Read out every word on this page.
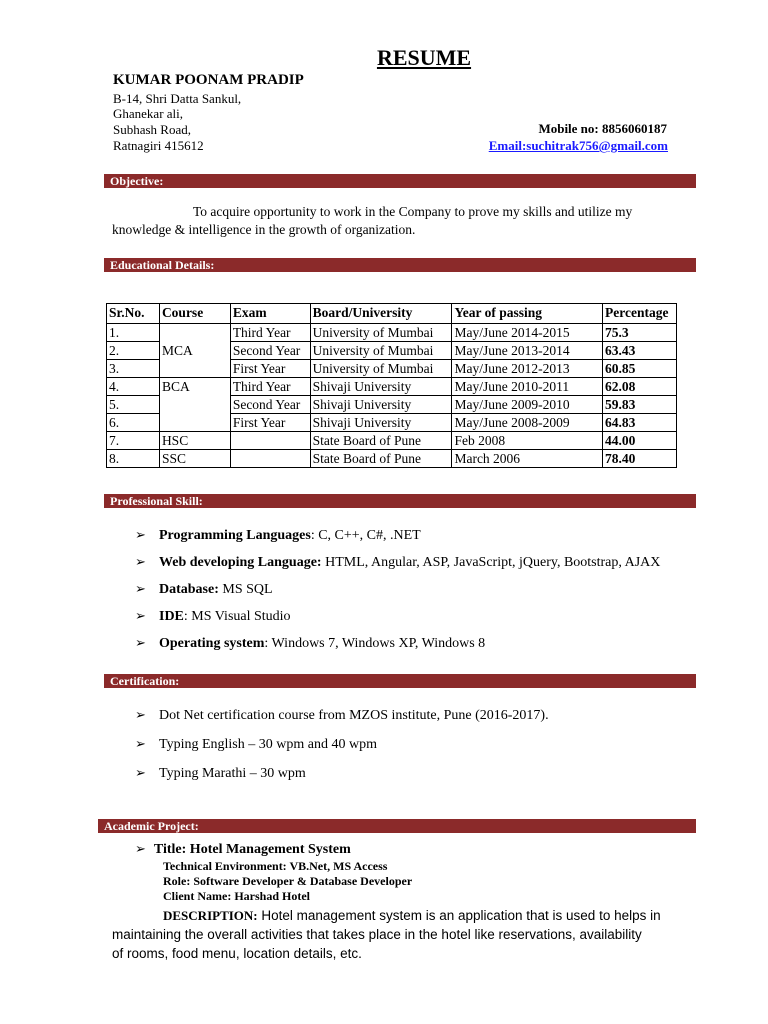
RESUME
KUMAR POONAM PRADIP
B-14, Shri Datta Sankul,
Ghanekar ali,
Subhash Road,
Ratnagiri 415612
Mobile no: 8856060187
Email:suchitrak756@gmail.com
Objective:
To acquire opportunity to work in the Company to prove my skills and utilize my
knowledge & intelligence in the growth of organization.
Educational Details:
Sr.No.	Course	Exam	Board/University	Year of passing	Percentage
1.	MCA	Third Year	University of Mumbai	May/June 2014-2015	75.3
2.		Second Year	University of Mumbai	May/June 2013-2014	63.43
3.		First Year	University of Mumbai	May/June 2012-2013	60.85
4.	BCA	Third Year	Shivaji University	May/June 2010-2011	62.08
5.		Second Year	Shivaji University	May/June 2009-2010	59.83
6.		First Year	Shivaji University	May/June 2008-2009	64.83
7.	HSC		State Board of Pune	Feb 2008	44.00
8.	SSC		State Board of Pune	March 2006	78.40
Professional Skill:
➢ Programming Languages: C, C++, C#, .NET
➢ Web developing Language: HTML, Angular, ASP, JavaScript, jQuery, Bootstrap, AJAX
➢ Database: MS SQL
➢ IDE: MS Visual Studio
➢ Operating system: Windows 7, Windows XP, Windows 8
Certification:
➢ Dot Net certification course from MZOS institute, Pune (2016-2017).
➢ Typing English – 30 wpm and 40 wpm
➢ Typing Marathi – 30 wpm
Academic Project:
➢ Title: Hotel Management System
Technical Environment: VB.Net, MS Access
Role: Software Developer & Database Developer
Client Name: Harshad Hotel
DESCRIPTION: Hotel management system is an application that is used to helps in
maintaining the overall activities that takes place in the hotel like reservations, availability
of rooms, food menu, location details, etc.
